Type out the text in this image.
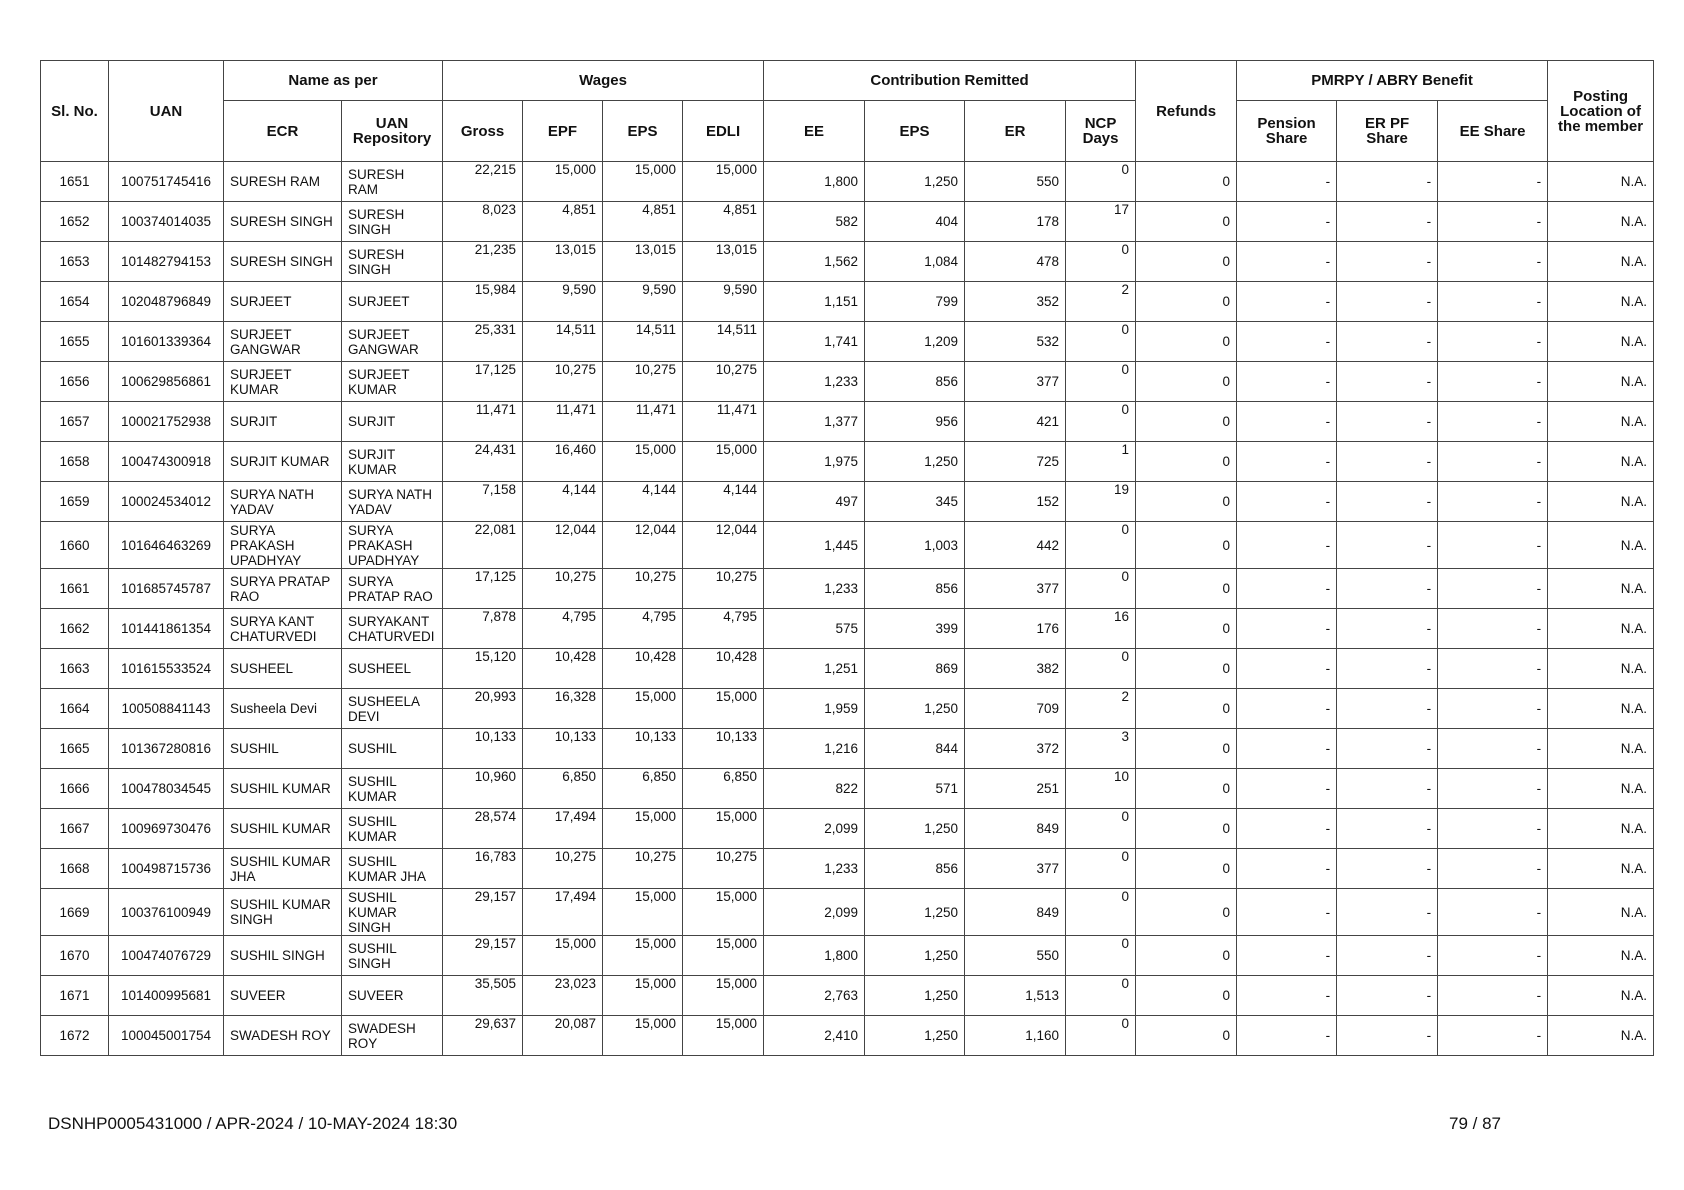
Sl. No.	UAN	Name as per		Wages				Contribution Remitted				Refunds	PMRPY / ABRY Benefit			Posting Location of the member
		ECR	UAN Repository	Gross	EPF	EPS	EDLI	EE	EPS	ER	NCP Days		Pension Share	ER PF Share	EE Share	
1651	100751745416	SURESH RAM	SURESH RAM	22,215	15,000	15,000	15,000	1,800	1,250	550	0	0	-	-	-	N.A.
1652	100374014035	SURESH SINGH	SURESH SINGH	8,023	4,851	4,851	4,851	582	404	178	17	0	-	-	-	N.A.
1653	101482794153	SURESH SINGH	SURESH SINGH	21,235	13,015	13,015	13,015	1,562	1,084	478	0	0	-	-	-	N.A.
1654	102048796849	SURJEET	SURJEET	15,984	9,590	9,590	9,590	1,151	799	352	2	0	-	-	-	N.A.
1655	101601339364	SURJEET GANGWAR	SURJEET GANGWAR	25,331	14,511	14,511	14,511	1,741	1,209	532	0	0	-	-	-	N.A.
1656	100629856861	SURJEET KUMAR	SURJEET KUMAR	17,125	10,275	10,275	10,275	1,233	856	377	0	0	-	-	-	N.A.
1657	100021752938	SURJIT	SURJIT	11,471	11,471	11,471	11,471	1,377	956	421	0	0	-	-	-	N.A.
1658	100474300918	SURJIT KUMAR	SURJIT KUMAR	24,431	16,460	15,000	15,000	1,975	1,250	725	1	0	-	-	-	N.A.
1659	100024534012	SURYA NATH YADAV	SURYA NATH YADAV	7,158	4,144	4,144	4,144	497	345	152	19	0	-	-	-	N.A.
1660	101646463269	SURYA PRAKASH UPADHYAY	SURYA PRAKASH UPADHYAY	22,081	12,044	12,044	12,044	1,445	1,003	442	0	0	-	-	-	N.A.
1661	101685745787	SURYA PRATAP RAO	SURYA PRATAP RAO	17,125	10,275	10,275	10,275	1,233	856	377	0	0	-	-	-	N.A.
1662	101441861354	SURYA KANT CHATURVEDI	SURYAKANT CHATURVEDI	7,878	4,795	4,795	4,795	575	399	176	16	0	-	-	-	N.A.
1663	101615533524	SUSHEEL	SUSHEEL	15,120	10,428	10,428	10,428	1,251	869	382	0	0	-	-	-	N.A.
1664	100508841143	Susheela Devi	SUSHEELA DEVI	20,993	16,328	15,000	15,000	1,959	1,250	709	2	0	-	-	-	N.A.
1665	101367280816	SUSHIL	SUSHIL	10,133	10,133	10,133	10,133	1,216	844	372	3	0	-	-	-	N.A.
1666	100478034545	SUSHIL KUMAR	SUSHIL KUMAR	10,960	6,850	6,850	6,850	822	571	251	10	0	-	-	-	N.A.
1667	100969730476	SUSHIL KUMAR	SUSHIL KUMAR	28,574	17,494	15,000	15,000	2,099	1,250	849	0	0	-	-	-	N.A.
1668	100498715736	SUSHIL KUMAR JHA	SUSHIL KUMAR JHA	16,783	10,275	10,275	10,275	1,233	856	377	0	0	-	-	-	N.A.
1669	100376100949	SUSHIL KUMAR SINGH	SUSHIL KUMAR SINGH	29,157	17,494	15,000	15,000	2,099	1,250	849	0	0	-	-	-	N.A.
1670	100474076729	SUSHIL SINGH	SUSHIL SINGH	29,157	15,000	15,000	15,000	1,800	1,250	550	0	0	-	-	-	N.A.
1671	101400995681	SUVEER	SUVEER	35,505	23,023	15,000	15,000	2,763	1,250	1,513	0	0	-	-	-	N.A.
1672	100045001754	SWADESH ROY	SWADESH ROY	29,637	20,087	15,000	15,000	2,410	1,250	1,160	0	0	-	-	-	N.A.
DSNHP0005431000 / APR-2024 / 10-MAY-2024 18:30	79 / 87
